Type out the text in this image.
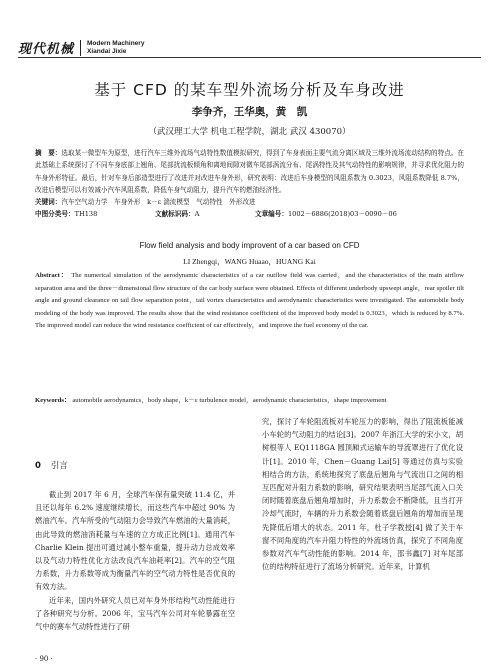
现代机械 Modern Machinery
Xiandai Jixie
基于 CFD 的某车型外流场分析及车身改进
李争齐，王华奥，黄　凯
（武汉理工大学 机电工程学院，湖北 武汉 430070）
摘　要：选取某一微型车为原型，进行汽车三维外流场气动特性数值模拟研究，得到了车身表面主要气流分离区域及三维外流场流动结构的特点。在此基础上系统探讨了不同车身底部上翘角、尾部扰流板倾角和离地间隙对微车尾部涡流分布、尾涡特性及其气动特性的影响规律，并寻求优化阻力的车身外形特征。最后，针对车身后部造型进行了改进并对改进车身外形，研究表明：改进后车身模型的风阻系数为 0.3023，风阻系数降低 8.7%，改进后模型可以有效减小汽车风阻系数，降低车身气动阻力，提升汽车的燃油经济性。
关键词：汽车空气动力学　车身外形　k－ε 湍流模型　气动特性　外形改进
中图分类号：TH138	文献标识码：A	文章编号：1002－6886(2018)03－0090－06
Flow field analysis and body improvent of a car based on CFD
LI Zhengqi，WANG Huaao，HUANG Kai
Abstract： The numerical simulation of the aerodynamic characteristics of a car outflow field was carried，and the characteristics of the main airflow separation area and the three－dimensional flow structure of the car body surface were obtained. Effects of different underbody upswept angle，rear spoiler tilt angle and ground clearance on tail flow separation point，tail vortex characteristics and aerodynamic characteristics were investigated. The automobile body modeling of the body was improved. The results show that the wind resistance coefficient of the improved body model is 0.3023，which is reduced by 8.7%. The improved model can reduce the wind resistance coefficient of car effectively，and improve the fuel economy of the car.
Keywords： automobile aerodynamics，body shape，k－ε turbulence model，aerodynamic characteristics，shape improvement
0 引言

截止到 2017 年 6 月，全球汽车保有量突破 11.4 亿，并且还以每年 6.2% 速度继续增长，而这些汽车中超过 90% 为燃油汽车。汽车所受的气动阻力会导致汽车燃油的大量消耗，由此导致的燃油消耗量与车速的立方成正比例[1]。通用汽车 Charlie Klein 提出可通过减小整车重量，提升动力总成效率以及气动力特性优化方法改良汽车油耗率[2]。汽车的空气阻力系数，升力系数等成为衡量汽车的空气动力特性是否优良的有效方法。

近年来，国内外研究人员已对车身外形结构气动性能进行了各种研究与分析。2006 年，宝马汽车公司对车轮暴露在空气中的赛车气动特性进行了研

究，探讨了车轮阻流板对车轮压力的影响，得出了阻流板能减小车轮的气动阻力的结论[3]。2007 年浙江大学的宋小文，胡树根等人 EQ1118GA 圆顶厢式运输车的导流罩进行了优化设计[1]。2010 年，Chen－Guang Lai[5] 等通过仿真与实验相结合的方法，系统地探究了底盘后翘角与气流出口之间的相互匹配对升阻力系数的影响，研究结果表明当尾部气流入口关闭时随着底盘后翘角增加时，升力系数会不断降低，且当打开冷却气流时，车辆的升力系数会随着底盘后翘角的增加而呈现先降低后增大的状态。2011 年，杜子学教授[4] 做了关于车窗不同角度的汽车升阻力特性的外流场仿真，探究了不同角度参数对汽车气动性能的影响。2014 年，邵书鑫[7] 对车尾部位的结构特征进行了流场分析研究。近年来，计算机

· 90 ·
